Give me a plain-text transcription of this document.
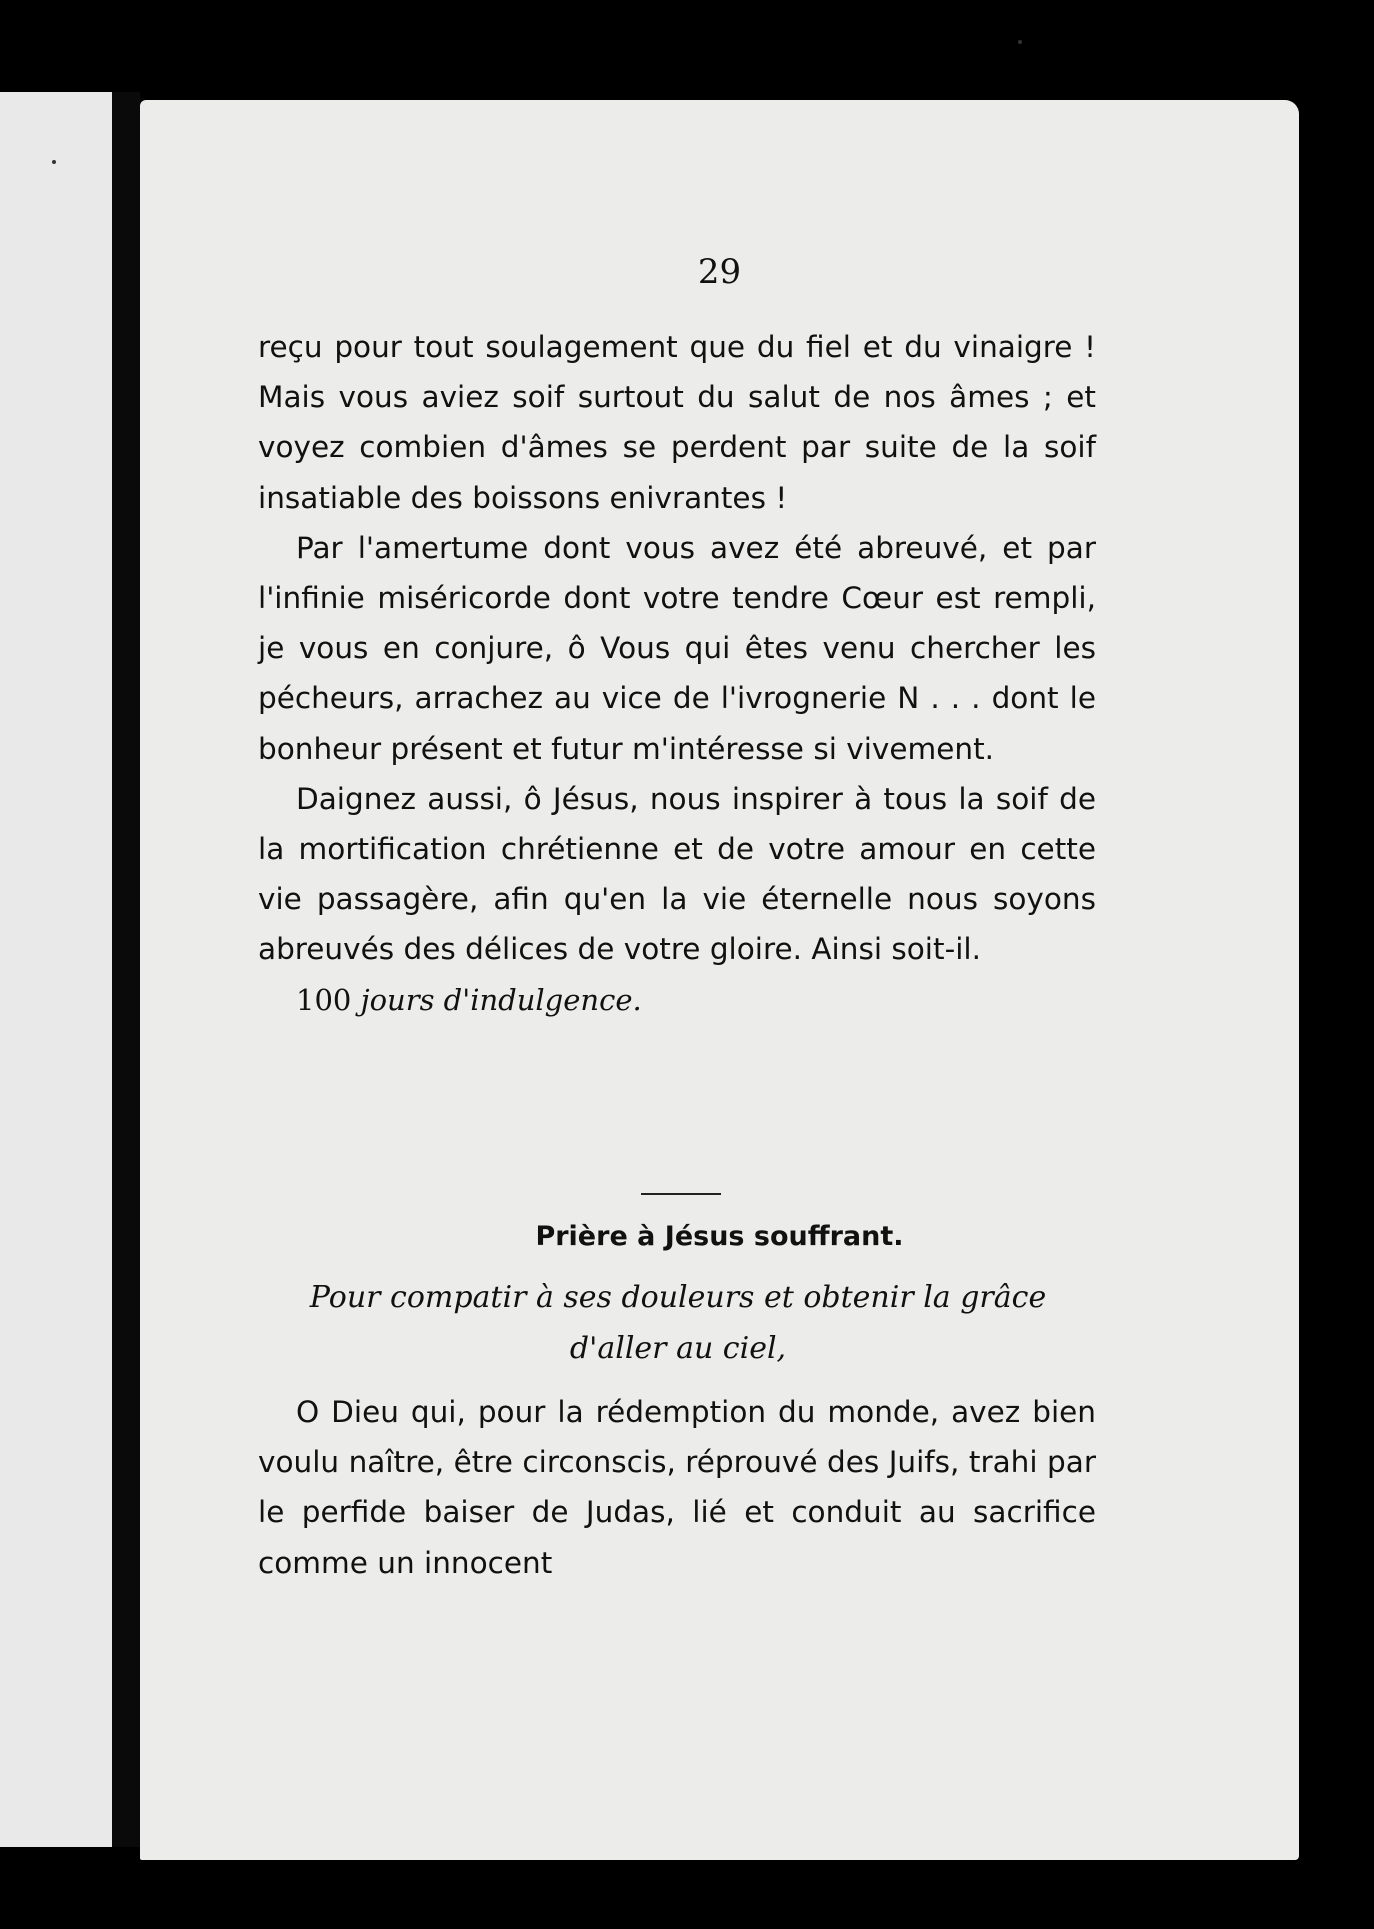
29

reçu pour tout soulagement que du fiel et du vinaigre ! Mais vous aviez soif surtout du salut de nos âmes ; et voyez combien d'âmes se perdent par suite de la soif insatiable des boissons enivrantes !

Par l'amertume dont vous avez été abreuvé, et par l'infinie miséricorde dont votre tendre Cœur est rempli, je vous en conjure, ô Vous qui êtes venu chercher les pécheurs, arrachez au vice de l'ivrognerie N . . . dont le bonheur présent et futur m'intéresse si vivement.

Daignez aussi, ô Jésus, nous inspirer à tous la soif de la mortification chrétienne et de votre amour en cette vie passagère, afin qu'en la vie éternelle nous soyons abreuvés des délices de votre gloire. Ainsi soit-il.

100 jours d'indulgence.

Prière à Jésus souffrant.
Pour compatir à ses douleurs et obtenir la grâce d'aller au ciel,

O Dieu qui, pour la rédemption du monde, avez bien voulu naître, être circonscis, réprouvé des Juifs, trahi par le perfide baiser de Judas, lié et conduit au sacrifice comme un innocent
